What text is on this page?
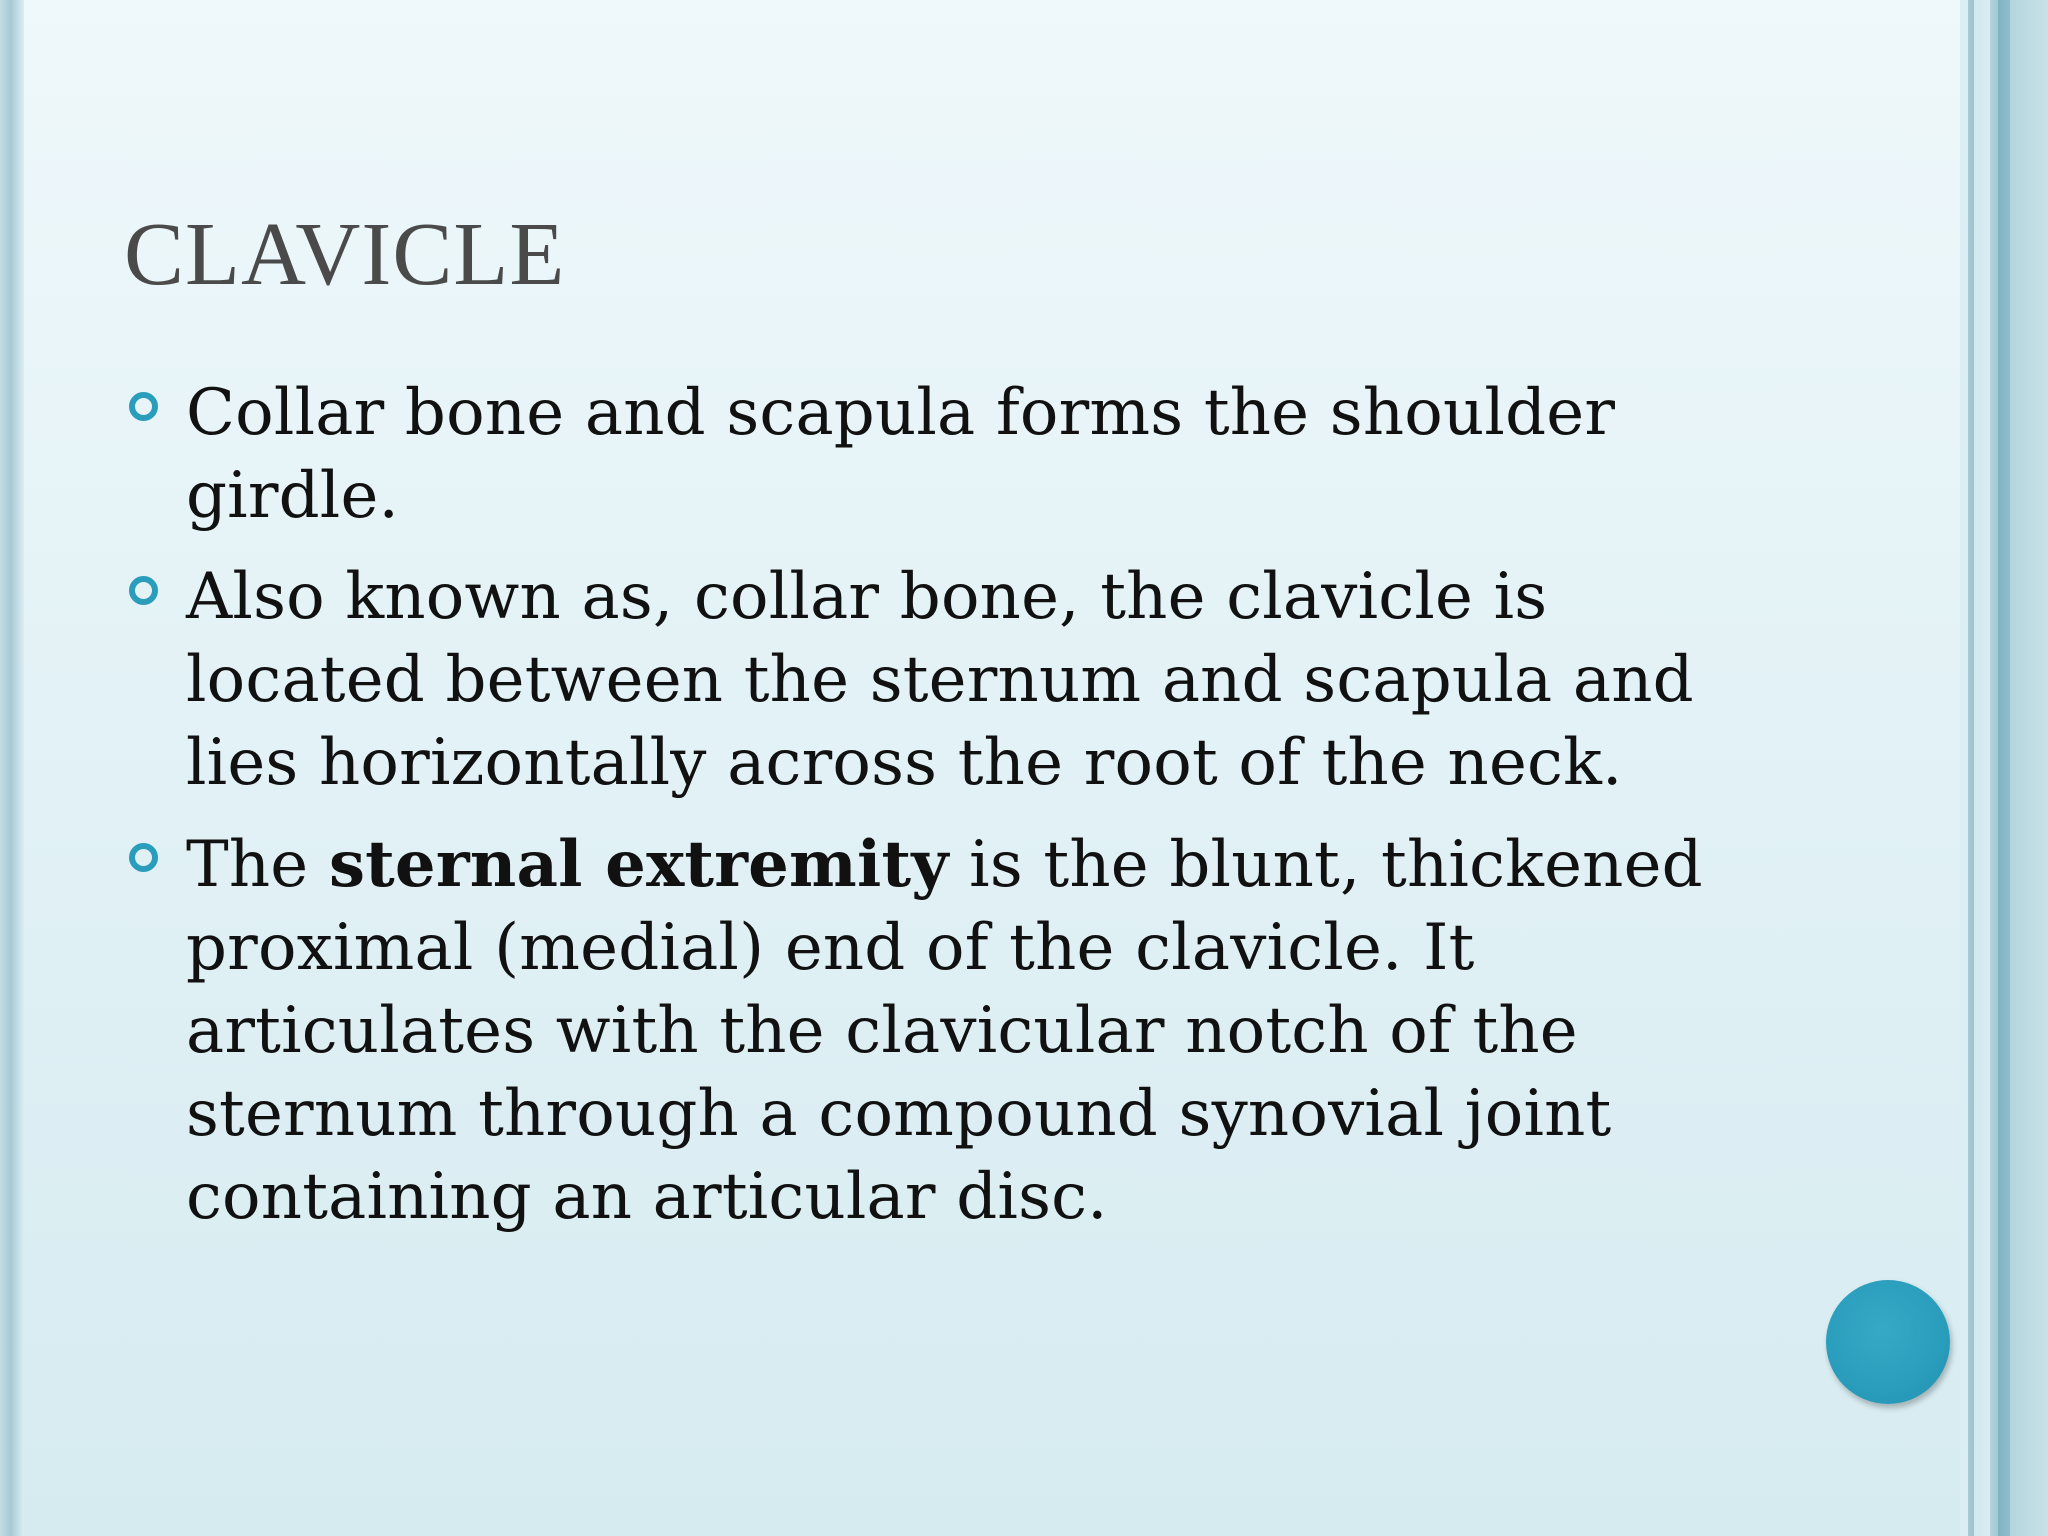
CLAVICLE
Collar bone and scapula forms the shoulder girdle.
Also known as, collar bone, the clavicle is located between the sternum and scapula and lies horizontally across the root of the neck.
The sternal extremity is the blunt, thickened proximal (medial) end of the clavicle. It articulates with the clavicular notch of the sternum through a compound synovial joint containing an articular disc.
